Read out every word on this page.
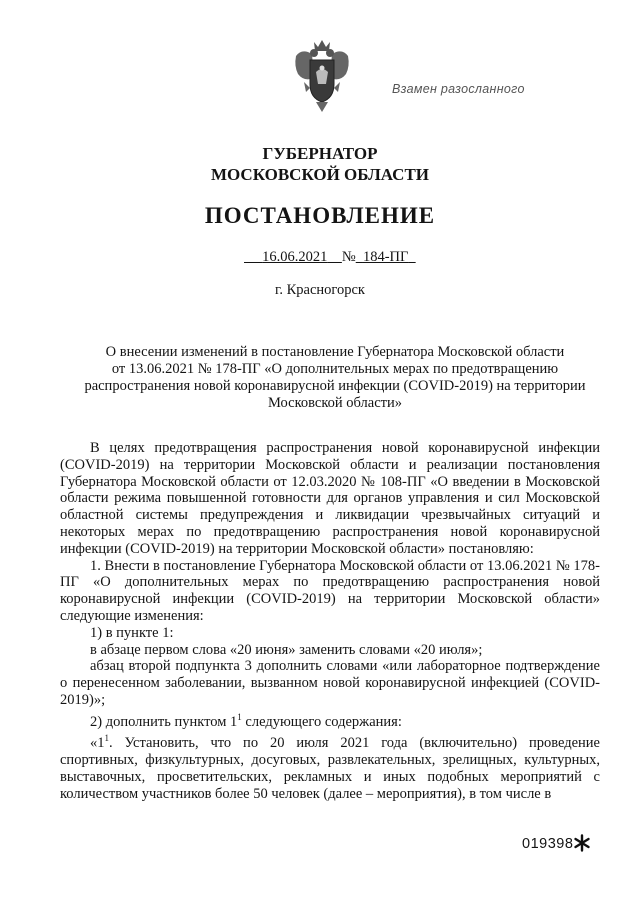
Взамен разосланного
ГУБЕРНАТОР
МОСКОВСКОЙ ОБЛАСТИ
ПОСТАНОВЛЕНИЕ
16.06.2021 № 184-ПГ
г. Красногорск
О внесении изменений в постановление Губернатора Московской области
от 13.06.2021 № 178-ПГ «О дополнительных мерах по предотвращению
распространения новой коронавирусной инфекции (COVID-2019) на территории
Московской области»

В целях предотвращения распространения новой коронавирусной инфекции (COVID-2019) на территории Московской области и реализации постановления Губернатора Московской области от 12.03.2020 № 108-ПГ «О введении в Московской области режима повышенной готовности для органов управления и сил Московской областной системы предупреждения и ликвидации чрезвычайных ситуаций и некоторых мерах по предотвращению распространения новой коронавирусной инфекции (COVID-2019) на территории Московской области» постановляю:

1. Внести в постановление Губернатора Московской области от 13.06.2021 № 178-ПГ «О дополнительных мерах по предотвращению распространения новой коронавирусной инфекции (COVID-2019) на территории Московской области» следующие изменения:

1) в пункте 1:

в абзаце первом слова «20 июня» заменить словами «20 июля»;

абзац второй подпункта 3 дополнить словами «или лабораторное подтверждение о перенесенном заболевании, вызванном новой коронавирусной инфекцией (COVID-2019)»;

2) дополнить пунктом $1^1$ следующего содержания:

«$1^1$. Установить, что по 20 июля 2021 года (включительно) проведение спортивных, физкультурных, досуговых, развлекательных, зрелищных, культурных, выставочных, просветительских, рекламных и иных подобных мероприятий с количеством участников более 50 человек (далее – мероприятия), в том числе в

019398
